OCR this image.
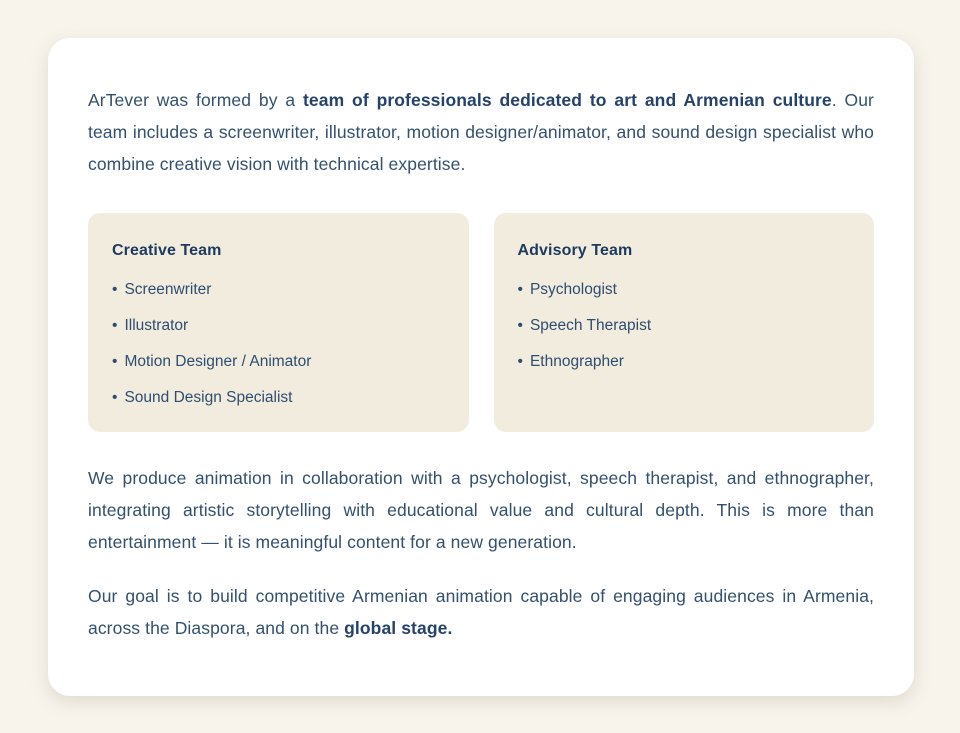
ArTever was formed by a team of professionals dedicated to art and Armenian culture. Our team includes a screenwriter, illustrator, motion designer/animator, and sound design specialist who combine creative vision with technical expertise.

Creative Team
• Screenwriter
• Illustrator
• Motion Designer / Animator
• Sound Design Specialist
Advisory Team
• Psychologist
• Speech Therapist
• Ethnographer

We produce animation in collaboration with a psychologist, speech therapist, and ethnographer, integrating artistic storytelling with educational value and cultural depth. This is more than entertainment — it is meaningful content for a new generation.

Our goal is to build competitive Armenian animation capable of engaging audiences in Armenia, across the Diaspora, and on the global stage.
